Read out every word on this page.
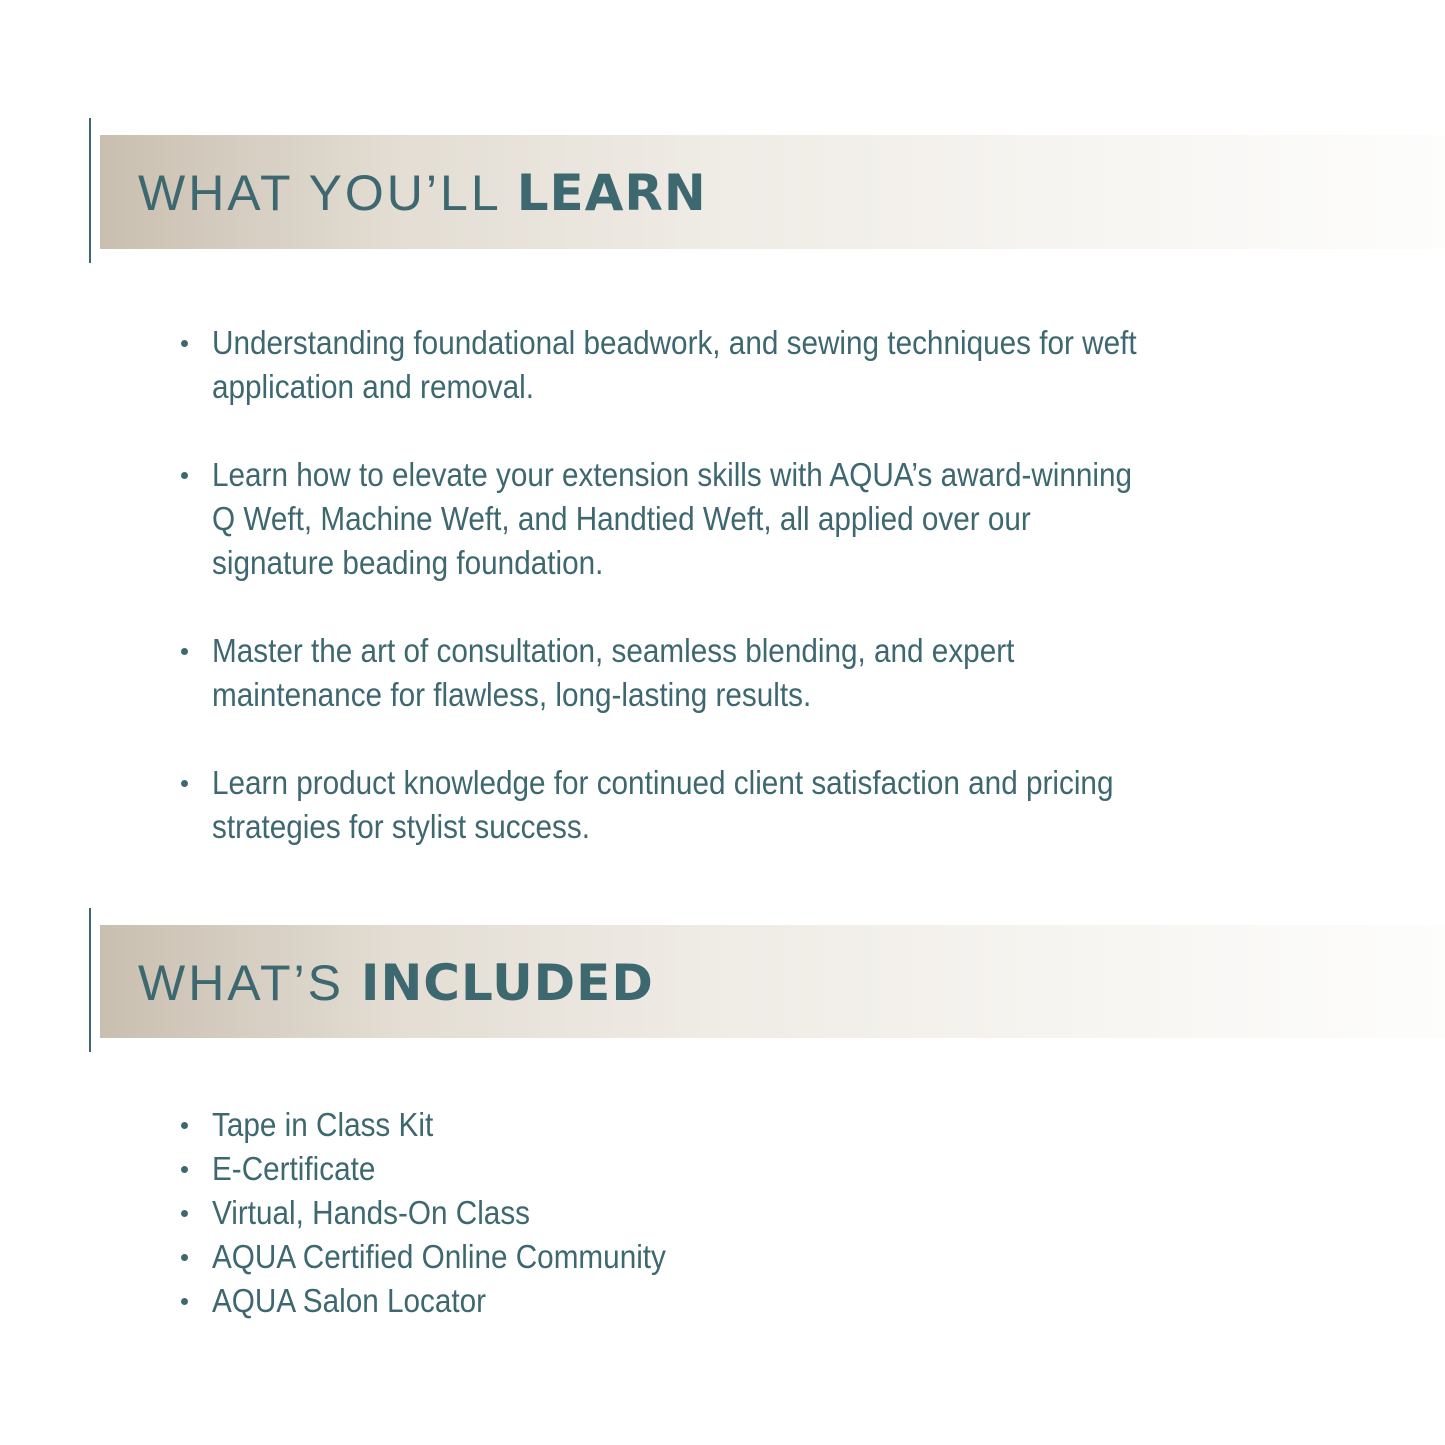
WHAT YOU’LL LEARN
Understanding foundational beadwork, and sewing techniques for weft
application and removal.
Learn how to elevate your extension skills with AQUA’s award-winning
Q Weft, Machine Weft, and Handtied Weft, all applied over our
signature beading foundation.
Master the art of consultation, seamless blending, and expert
maintenance for flawless, long-lasting results.
Learn product knowledge for continued client satisfaction and pricing
strategies for stylist success.
WHAT’S INCLUDED
Tape in Class Kit
E-Certificate
Virtual, Hands-On Class
AQUA Certified Online Community
AQUA Salon Locator
